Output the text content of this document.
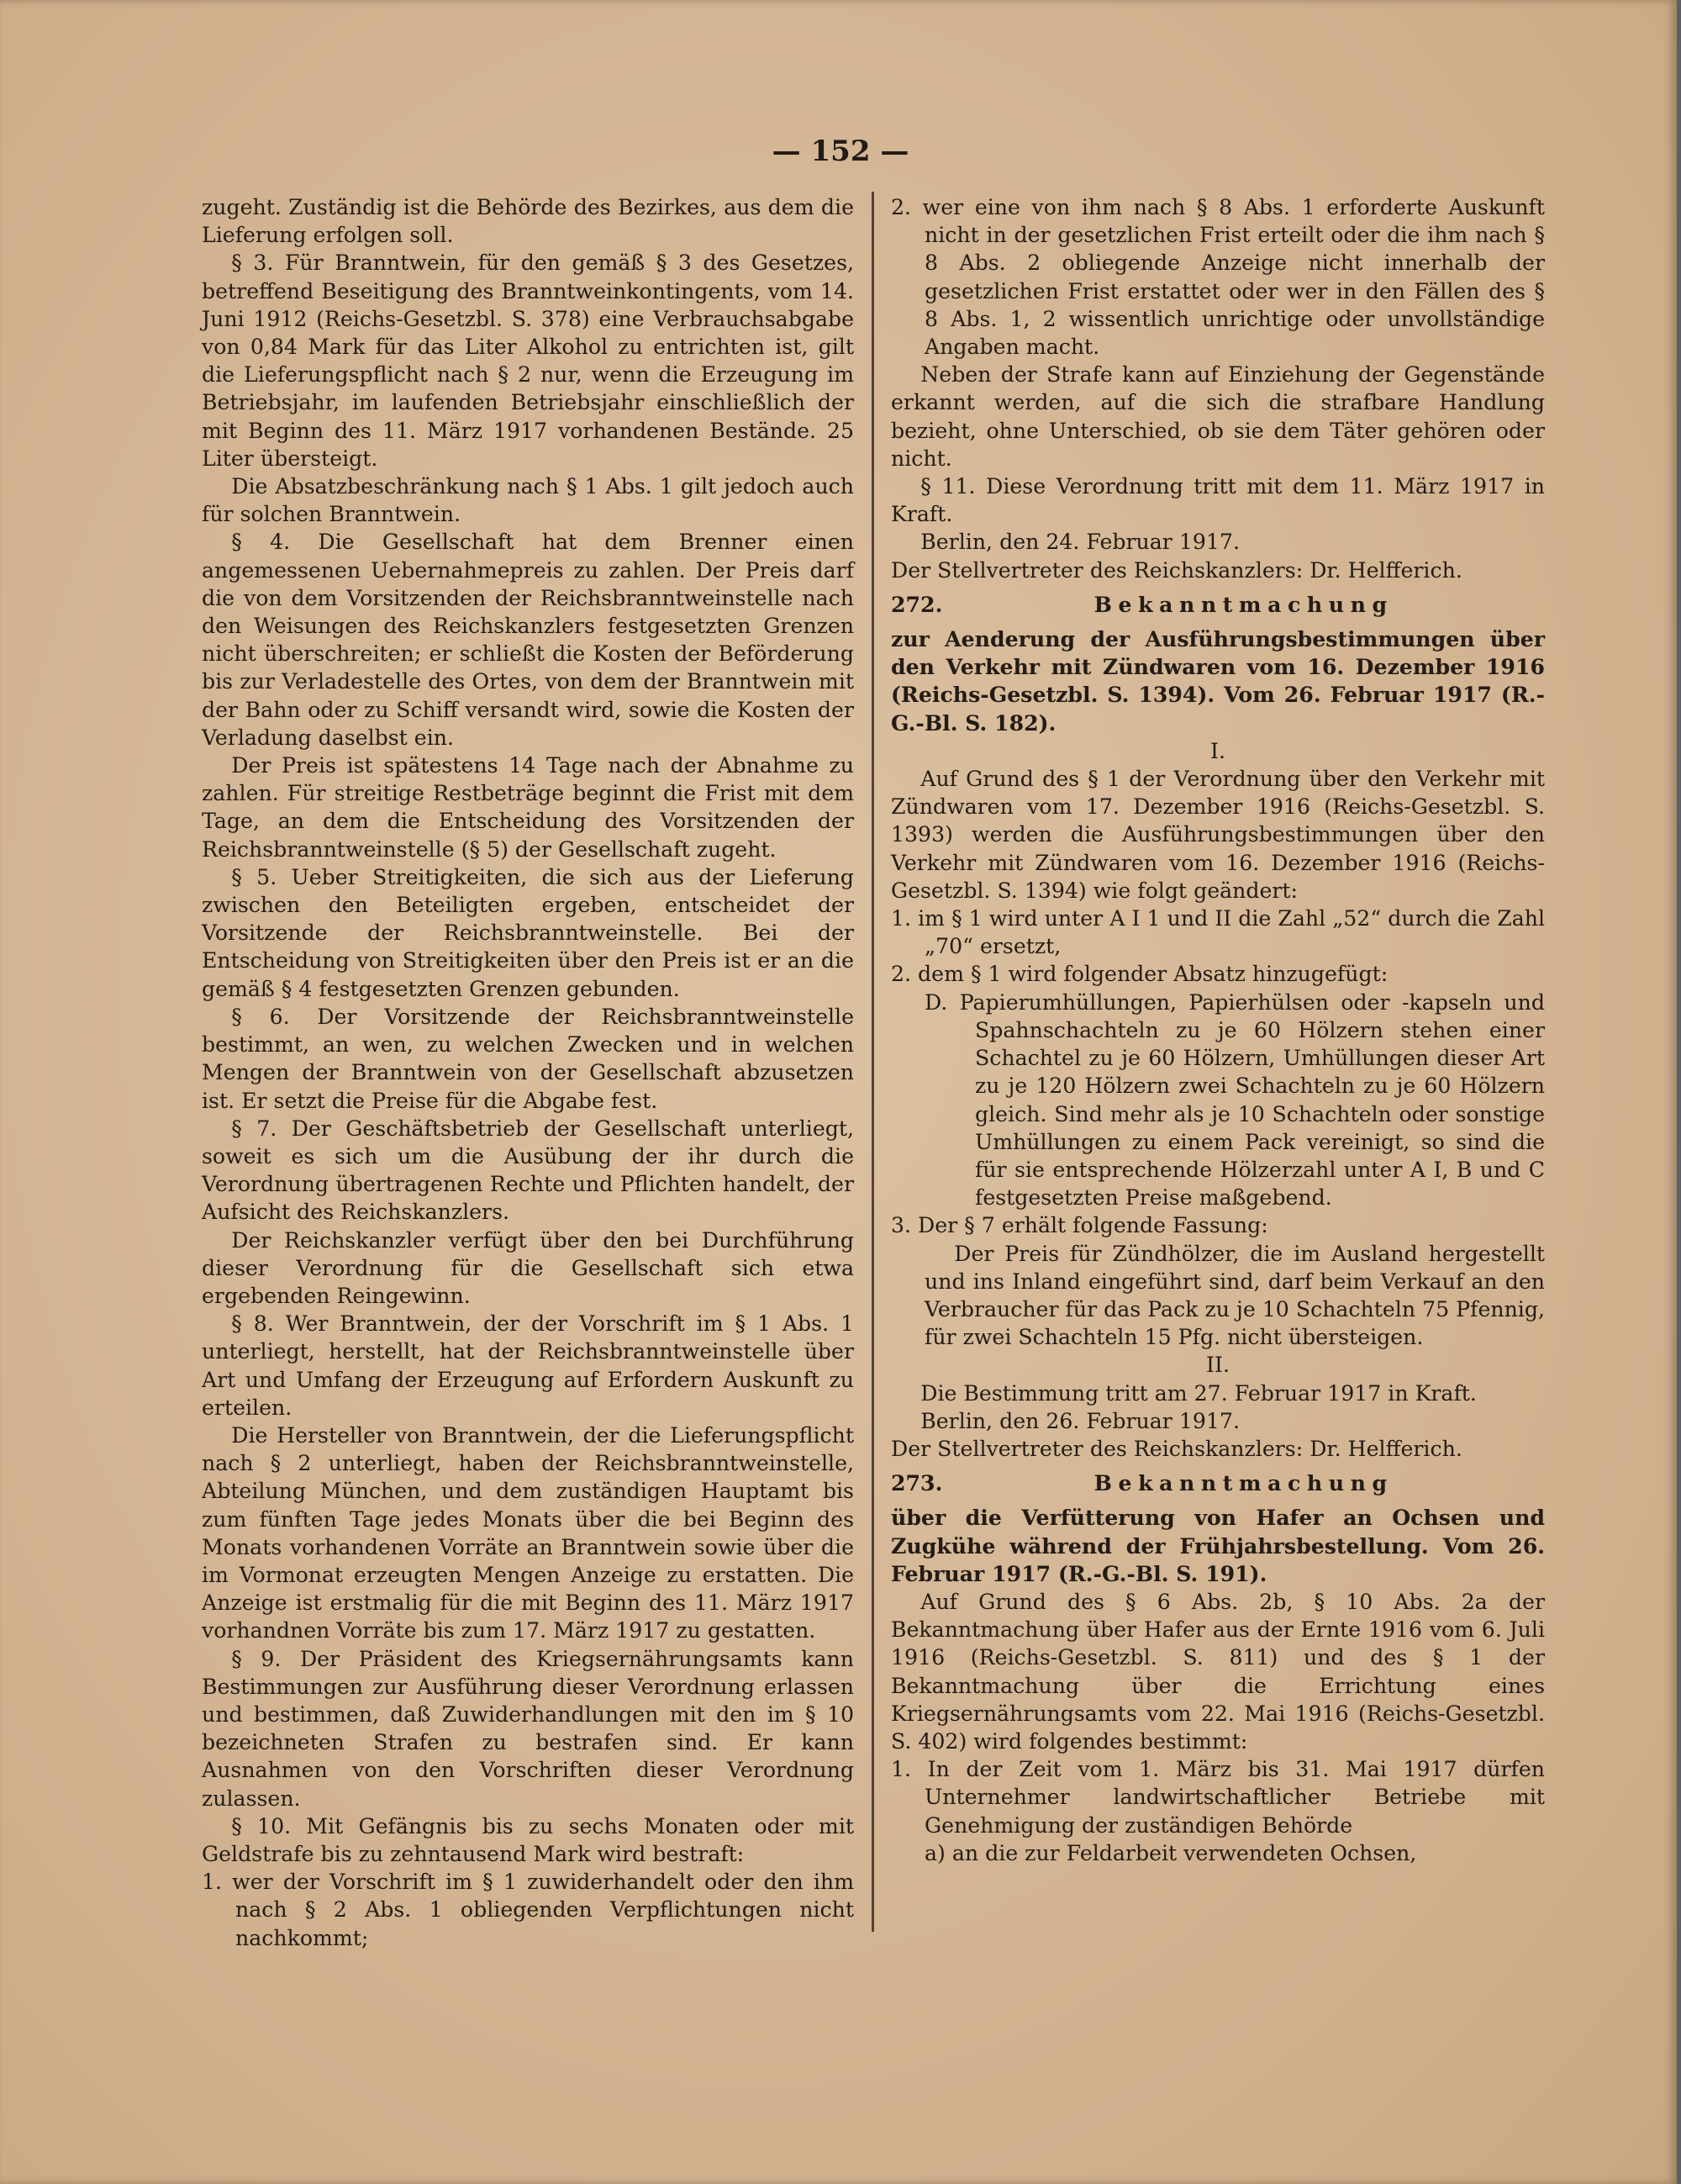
— 152 —

zugeht. Zuständig ist die Behörde des Bezirkes, aus dem die Lieferung erfolgen soll.

§ 3. Für Branntwein, für den gemäß § 3 des Gesetzes, betreffend Beseitigung des Branntweinkontingents, vom 14. Juni 1912 (Reichs-Gesetzbl. S. 378) eine Verbrauchsabgabe von 0,84 Mark für das Liter Alkohol zu entrichten ist, gilt die Lieferungspflicht nach § 2 nur, wenn die Erzeugung im Betriebsjahr, im laufenden Betriebsjahr einschließlich der mit Beginn des 11. März 1917 vorhandenen Bestände. 25 Liter übersteigt.

Die Absatzbeschränkung nach § 1 Abs. 1 gilt jedoch auch für solchen Branntwein.

§ 4. Die Gesellschaft hat dem Brenner einen angemessenen Uebernahmepreis zu zahlen. Der Preis darf die von dem Vorsitzenden der Reichsbranntweinstelle nach den Weisungen des Reichskanzlers festgesetzten Grenzen nicht überschreiten; er schließt die Kosten der Beförderung bis zur Verladestelle des Ortes, von dem der Branntwein mit der Bahn oder zu Schiff versandt wird, sowie die Kosten der Verladung daselbst ein.

Der Preis ist spätestens 14 Tage nach der Abnahme zu zahlen. Für streitige Restbeträge beginnt die Frist mit dem Tage, an dem die Entscheidung des Vorsitzenden der Reichsbranntweinstelle (§ 5) der Gesellschaft zugeht.

§ 5. Ueber Streitigkeiten, die sich aus der Lieferung zwischen den Beteiligten ergeben, entscheidet der Vorsitzende der Reichsbranntweinstelle. Bei der Entscheidung von Streitigkeiten über den Preis ist er an die gemäß § 4 festgesetzten Grenzen gebunden.

§ 6. Der Vorsitzende der Reichsbranntweinstelle bestimmt, an wen, zu welchen Zwecken und in welchen Mengen der Branntwein von der Gesellschaft abzusetzen ist. Er setzt die Preise für die Abgabe fest.

§ 7. Der Geschäftsbetrieb der Gesellschaft unterliegt, soweit es sich um die Ausübung der ihr durch die Verordnung übertragenen Rechte und Pflichten handelt, der Aufsicht des Reichskanzlers.

Der Reichskanzler verfügt über den bei Durchführung dieser Verordnung für die Gesellschaft sich etwa ergebenden Reingewinn.

§ 8. Wer Branntwein, der der Vorschrift im § 1 Abs. 1 unterliegt, herstellt, hat der Reichsbranntweinstelle über Art und Umfang der Erzeugung auf Erfordern Auskunft zu erteilen.

Die Hersteller von Branntwein, der die Lieferungspflicht nach § 2 unterliegt, haben der Reichsbranntweinstelle, Abteilung München, und dem zuständigen Hauptamt bis zum fünften Tage jedes Monats über die bei Beginn des Monats vorhandenen Vorräte an Branntwein sowie über die im Vormonat erzeugten Mengen Anzeige zu erstatten. Die Anzeige ist erstmalig für die mit Beginn des 11. März 1917 vorhandnen Vorräte bis zum 17. März 1917 zu gestatten.

§ 9. Der Präsident des Kriegsernährungsamts kann Bestimmungen zur Ausführung dieser Verordnung erlassen und bestimmen, daß Zuwiderhandlungen mit den im § 10 bezeichneten Strafen zu bestrafen sind. Er kann Ausnahmen von den Vorschriften dieser Verordnung zulassen.

§ 10. Mit Gefängnis bis zu sechs Monaten oder mit Geldstrafe bis zu zehntausend Mark wird bestraft:

1. wer der Vorschrift im § 1 zuwiderhandelt oder den ihm nach § 2 Abs. 1 obliegenden Verpflichtungen nicht nachkommt;

2. wer eine von ihm nach § 8 Abs. 1 erforderte Auskunft nicht in der gesetzlichen Frist erteilt oder die ihm nach § 8 Abs. 2 obliegende Anzeige nicht innerhalb der gesetzlichen Frist erstattet oder wer in den Fällen des § 8 Abs. 1, 2 wissentlich unrichtige oder unvollständige Angaben macht.

Neben der Strafe kann auf Einziehung der Gegenstände erkannt werden, auf die sich die strafbare Handlung bezieht, ohne Unterschied, ob sie dem Täter gehören oder nicht.

§ 11. Diese Verordnung tritt mit dem 11. März 1917 in Kraft.

Berlin, den 24. Februar 1917.

Der Stellvertreter des Reichskanzlers: Dr. Helfferich.

272.	Bekanntmachung

zur Aenderung der Ausführungsbestimmungen über den Verkehr mit Zündwaren vom 16. Dezember 1916 (Reichs-Gesetzbl. S. 1394). Vom 26. Februar 1917 (R.-G.-Bl. S. 182).

I.

Auf Grund des § 1 der Verordnung über den Verkehr mit Zündwaren vom 17. Dezember 1916 (Reichs-Gesetzbl. S. 1393) werden die Ausführungsbestimmungen über den Verkehr mit Zündwaren vom 16. Dezember 1916 (Reichs-Gesetzbl. S. 1394) wie folgt geändert:

1. im § 1 wird unter A I 1 und II die Zahl „52“ durch die Zahl „70“ ersetzt,

2. dem § 1 wird folgender Absatz hinzugefügt:

D. Papierumhüllungen, Papierhülsen oder -kapseln und Spahnschachteln zu je 60 Hölzern stehen einer Schachtel zu je 60 Hölzern, Umhüllungen dieser Art zu je 120 Hölzern zwei Schachteln zu je 60 Hölzern gleich. Sind mehr als je 10 Schachteln oder sonstige Umhüllungen zu einem Pack vereinigt, so sind die für sie entsprechende Hölzerzahl unter A I, B und C festgesetzten Preise maßgebend.

3. Der § 7 erhält folgende Fassung:

Der Preis für Zündhölzer, die im Ausland hergestellt und ins Inland eingeführt sind, darf beim Verkauf an den Verbraucher für das Pack zu je 10 Schachteln 75 Pfennig, für zwei Schachteln 15 Pfg. nicht übersteigen.

II.

Die Bestimmung tritt am 27. Februar 1917 in Kraft.

Berlin, den 26. Februar 1917.

Der Stellvertreter des Reichskanzlers: Dr. Helfferich.

273.	Bekanntmachung

über die Verfütterung von Hafer an Ochsen und Zugkühe während der Frühjahrsbestellung. Vom 26. Februar 1917 (R.-G.-Bl. S. 191).

Auf Grund des § 6 Abs. 2b, § 10 Abs. 2a der Bekanntmachung über Hafer aus der Ernte 1916 vom 6. Juli 1916 (Reichs-Gesetzbl. S. 811) und des § 1 der Bekanntmachung über die Errichtung eines Kriegsernährungsamts vom 22. Mai 1916 (Reichs-Gesetzbl. S. 402) wird folgendes bestimmt:

1. In der Zeit vom 1. März bis 31. Mai 1917 dürfen Unternehmer landwirtschaftlicher Betriebe mit Genehmigung der zuständigen Behörde

a) an die zur Feldarbeit verwendeten Ochsen,
